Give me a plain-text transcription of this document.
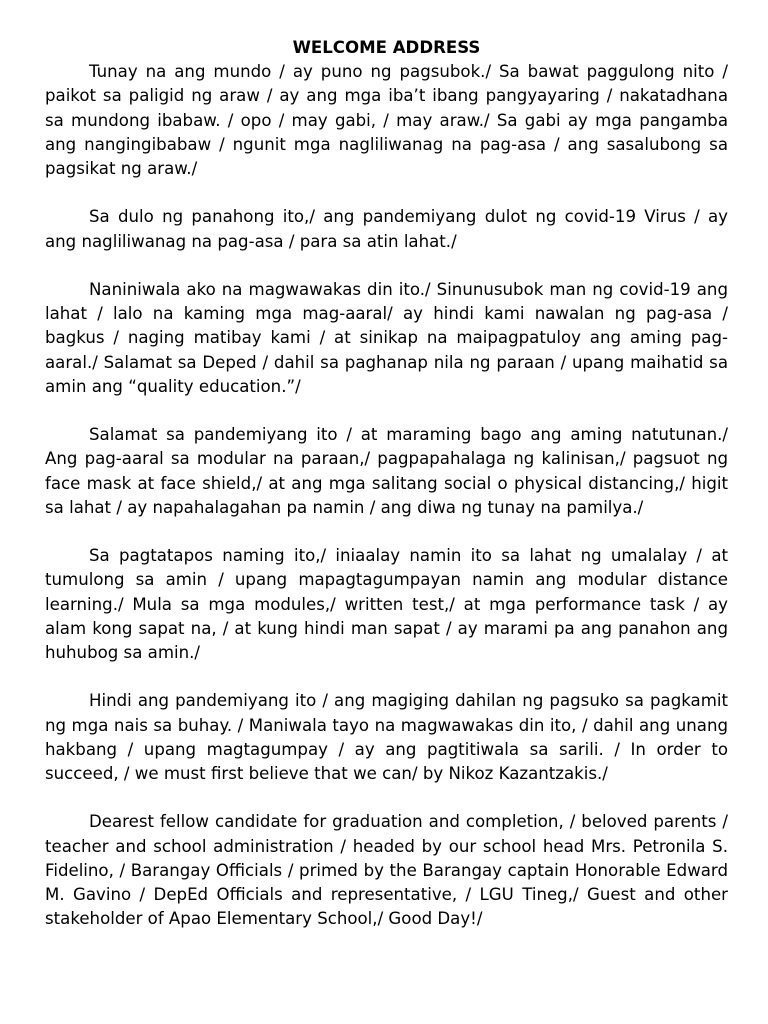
WELCOME ADDRESS

Tunay na ang mundo / ay puno ng pagsubok./ Sa bawat paggulong nito / paikot sa paligid ng araw / ay ang mga iba’t ibang pangyayaring / nakatadhana sa mundong ibabaw. / opo / may gabi, / may araw./ Sa gabi ay mga pangamba ang nangingibabaw / ngunit mga nagliliwanag na pag-asa / ang sasalubong sa pagsikat ng araw./

Sa dulo ng panahong ito,/ ang pandemiyang dulot ng covid-19 Virus / ay ang nagliliwanag na pag-asa / para sa atin lahat./

Naniniwala ako na magwawakas din ito./ Sinunusubok man ng covid-19 ang lahat / lalo na kaming mga mag-aaral/ ay hindi kami nawalan ng pag-asa / bagkus / naging matibay kami / at sinikap na maipagpatuloy ang aming pag-aaral./ Salamat sa Deped / dahil sa paghanap nila ng paraan / upang maihatid sa amin ang “quality education.”/

Salamat sa pandemiyang ito / at maraming bago ang aming natutunan./ Ang pag-aaral sa modular na paraan,/ pagpapahalaga ng kalinisan,/ pagsuot ng face mask at face shield,/ at ang mga salitang social o physical distancing,/ higit sa lahat / ay napahalagahan pa namin / ang diwa ng tunay na pamilya./

Sa pagtatapos naming ito,/ iniaalay namin ito sa lahat ng umalalay / at tumulong sa amin / upang mapagtagumpayan namin ang modular distance learning./ Mula sa mga modules,/ written test,/ at mga performance task / ay alam kong sapat na, / at kung hindi man sapat / ay marami pa ang panahon ang huhubog sa amin./

Hindi ang pandemiyang ito / ang magiging dahilan ng pagsuko sa pagkamit ng mga nais sa buhay. / Maniwala tayo na magwawakas din ito, / dahil ang unang hakbang / upang magtagumpay / ay ang pagtitiwala sa sarili. / In order to succeed, / we must first believe that we can/ by Nikoz Kazantzakis./

Dearest fellow candidate for graduation and completion, / beloved parents / teacher and school administration / headed by our school head Mrs. Petronila S. Fidelino, / Barangay Officials / primed by the Barangay captain Honorable Edward M. Gavino / DepEd Officials and representative, / LGU Tineg,/ Guest and other stakeholder of Apao Elementary School,/ Good Day!/
